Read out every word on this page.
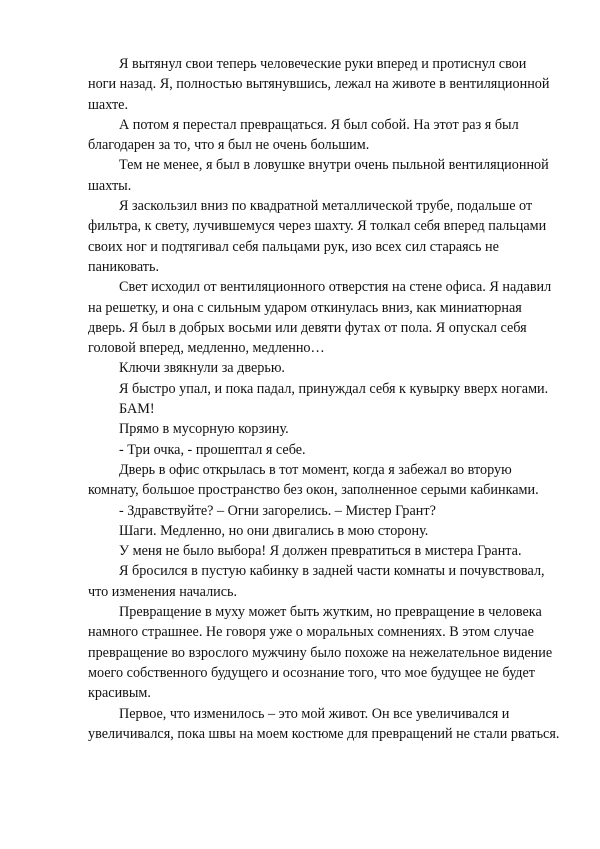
Я вытянул свои теперь человеческие руки вперед и протиснул свои
ноги назад. Я, полностью вытянувшись, лежал на животе в вентиляционной
шахте.

А потом я перестал превращаться. Я был собой. На этот раз я был
благодарен за то, что я был не очень большим.

Тем не менее, я был в ловушке внутри очень пыльной вентиляционной
шахты.

Я заскользил вниз по квадратной металлической трубе, подальше от
фильтра, к свету, лучившемуся через шахту. Я толкал себя вперед пальцами
своих ног и подтягивал себя пальцами рук, изо всех сил стараясь не
паниковать.

Свет исходил от вентиляционного отверстия на стене офиса. Я надавил
на решетку, и она с сильным ударом откинулась вниз, как миниатюрная
дверь. Я был в добрых восьми или девяти футах от пола. Я опускал себя
головой вперед, медленно, медленно…

Ключи звякнули за дверью.

Я быстро упал, и пока падал, принуждал себя к кувырку вверх ногами.

БАМ!

Прямо в мусорную корзину.

- Три очка, - прошептал я себе.

Дверь в офис открылась в тот момент, когда я забежал во вторую
комнату, большое пространство без окон, заполненное серыми кабинками.

- Здравствуйте? – Огни загорелись. – Мистер Грант?

Шаги. Медленно, но они двигались в мою сторону.

У меня не было выбора! Я должен превратиться в мистера Гранта.

Я бросился в пустую кабинку в задней части комнаты и почувствовал,
что изменения начались.

Превращение в муху может быть жутким, но превращение в человека
намного страшнее. Не говоря уже о моральных сомнениях. В этом случае
превращение во взрослого мужчину было похоже на нежелательное видение
моего собственного будущего и осознание того, что мое будущее не будет
красивым.

Первое, что изменилось – это мой живот. Он все увеличивался и
увеличивался, пока швы на моем костюме для превращений не стали рваться.
